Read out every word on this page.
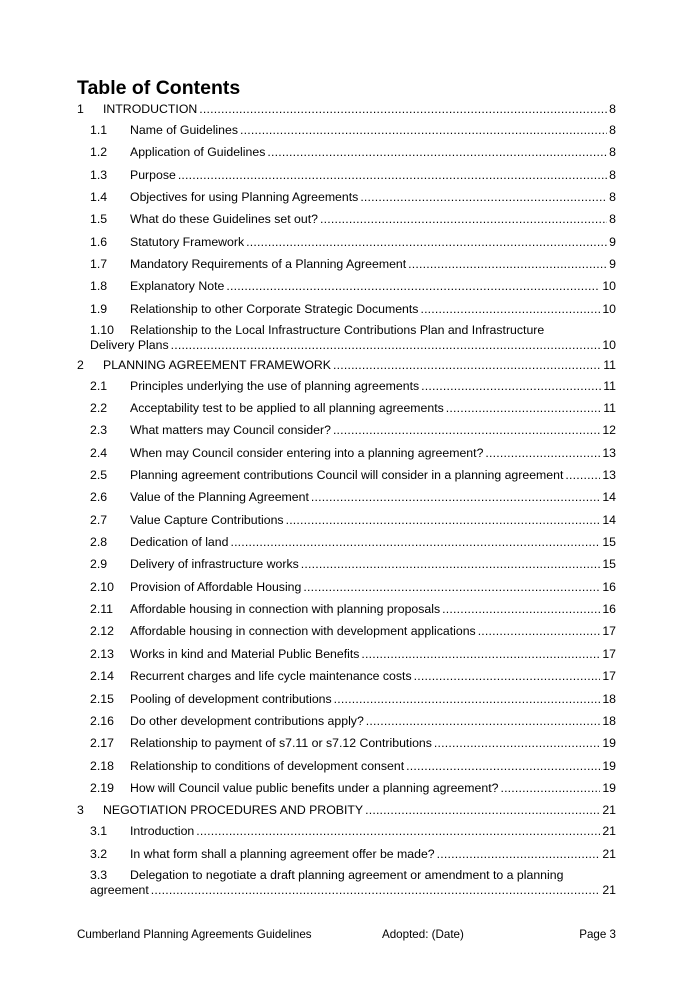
Table of Contents
1	INTRODUCTION .....	8
1.1	Name of Guidelines .....	8
1.2	Application of Guidelines .....	8
1.3	Purpose .....	8
1.4	Objectives for using Planning Agreements .....	8
1.5	What do these Guidelines set out? .....	8
1.6	Statutory Framework .....	9
1.7	Mandatory Requirements of a Planning Agreement .....	9
1.8	Explanatory Note .....	10
1.9	Relationship to other Corporate Strategic Documents .....	10
1.10 Relationship to the Local Infrastructure Contributions Plan and Infrastructure
Delivery Plans .....	10
2	PLANNING AGREEMENT FRAMEWORK .....	11
2.1	Principles underlying the use of planning agreements .....	11
2.2	Acceptability test to be applied to all planning agreements .....	11
2.3	What matters may Council consider? .....	12
2.4	When may Council consider entering into a planning agreement? .....	13
2.5	Planning agreement contributions Council will consider in a planning agreement .....	13
2.6	Value of the Planning Agreement .....	14
2.7	Value Capture Contributions .....	14
2.8	Dedication of land .....	15
2.9	Delivery of infrastructure works .....	15
2.10	Provision of Affordable Housing .....	16
2.11	Affordable housing in connection with planning proposals .....	16
2.12	Affordable housing in connection with development applications .....	17
2.13	Works in kind and Material Public Benefits .....	17
2.14	Recurrent charges and life cycle maintenance costs .....	17
2.15	Pooling of development contributions .....	18
2.16	Do other development contributions apply? .....	18
2.17	Relationship to payment of s7.11 or s7.12 Contributions .....	19
2.18	Relationship to conditions of development consent .....	19
2.19	How will Council value public benefits under a planning agreement? .....	19
3	NEGOTIATION PROCEDURES AND PROBITY .....	21
3.1	Introduction .....	21
3.2	In what form shall a planning agreement offer be made? .....	21
3.3 Delegation to negotiate a draft planning agreement or amendment to a planning
agreement .....	21
Cumberland Planning Agreements Guidelines	Adopted: (Date)	Page 3
